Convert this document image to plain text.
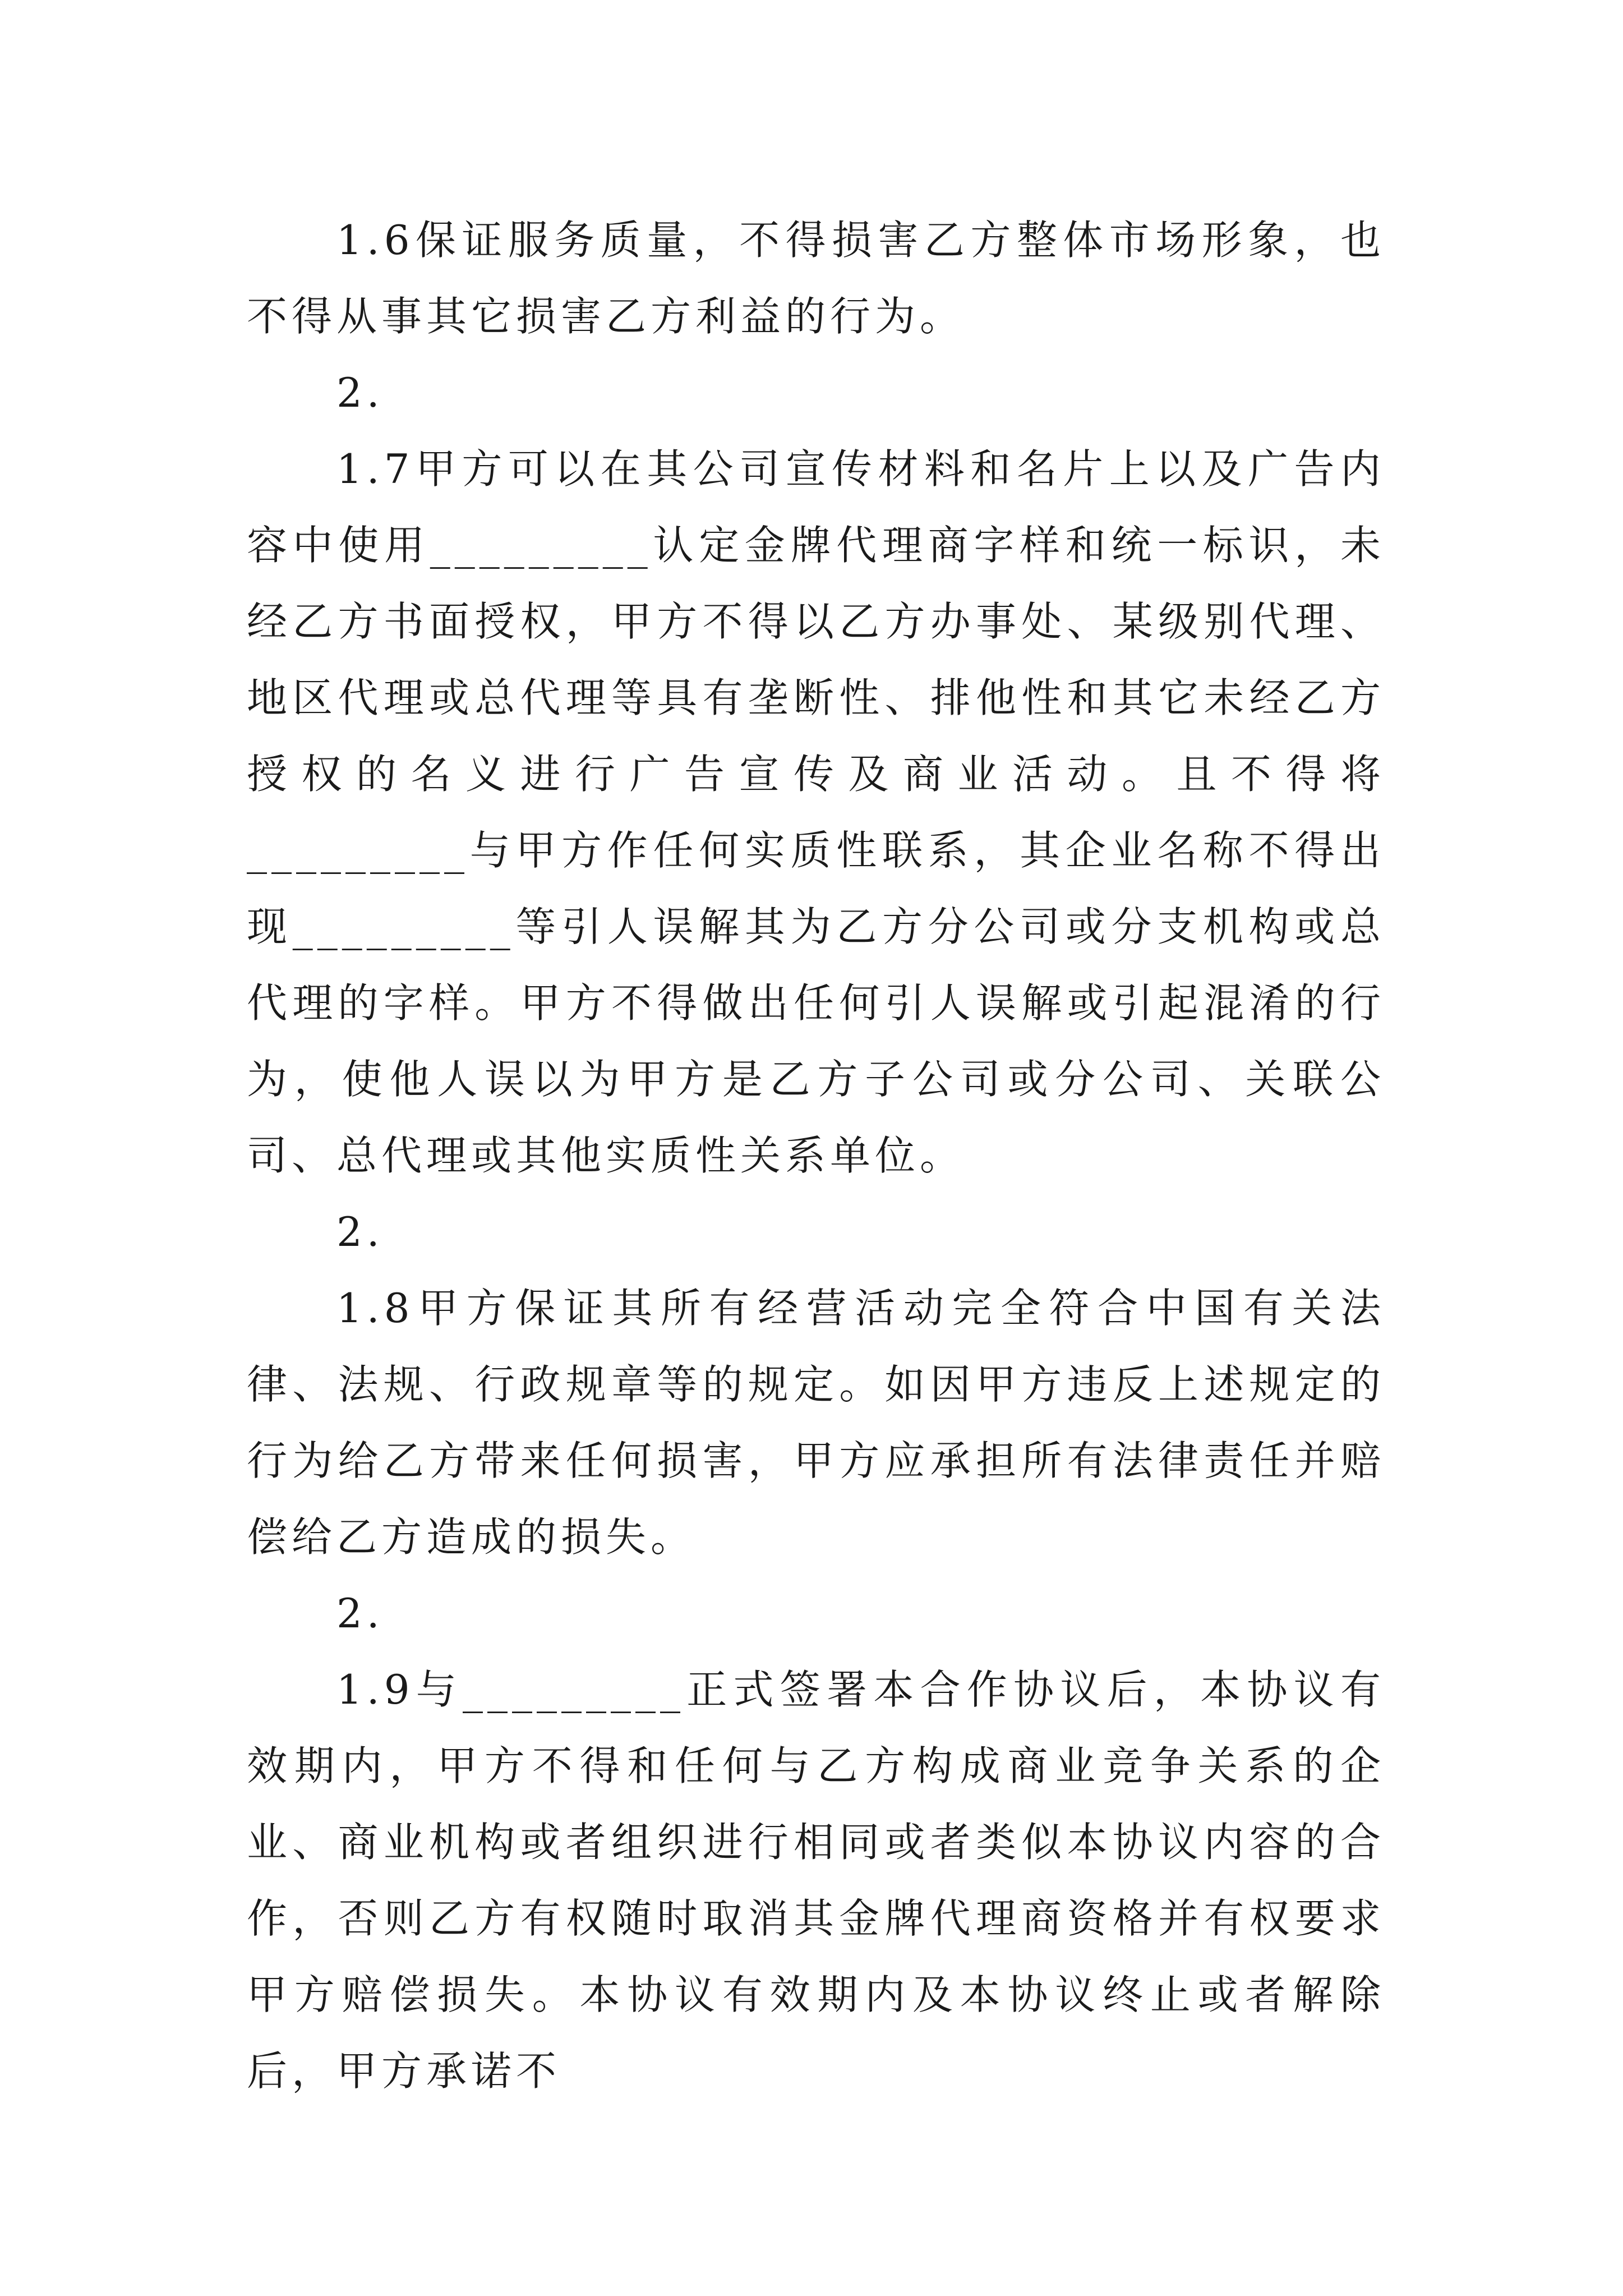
1.6保证服务质量，不得损害乙方整体市场形象，也不得从事其它损害乙方利益的行为。

2.

1.7甲方可以在其公司宣传材料和名片上以及广告内容中使用_________认定金牌代理商字样和统一标识，未经乙方书面授权，甲方不得以乙方办事处、某级别代理、地区代理或总代理等具有垄断性、排他性和其它未经乙方授权的名义进行广告宣传及商业活动。且不得将_________与甲方作任何实质性联系，其企业名称不得出现_________等引人误解其为乙方分公司或分支机构或总代理的字样。甲方不得做出任何引人误解或引起混淆的行为，使他人误以为甲方是乙方子公司或分公司、关联公司、总代理或其他实质性关系单位。

2.

1.8甲方保证其所有经营活动完全符合中国有关法律、法规、行政规章等的规定。如因甲方违反上述规定的行为给乙方带来任何损害，甲方应承担所有法律责任并赔偿给乙方造成的损失。

2.

1.9与_________正式签署本合作协议后，本协议有效期内，甲方不得和任何与乙方构成商业竞争关系的企业、商业机构或者组织进行相同或者类似本协议内容的合作，否则乙方有权随时取消其金牌代理商资格并有权要求甲方赔偿损失。本协议有效期内及本协议终止或者解除后，甲方承诺不
